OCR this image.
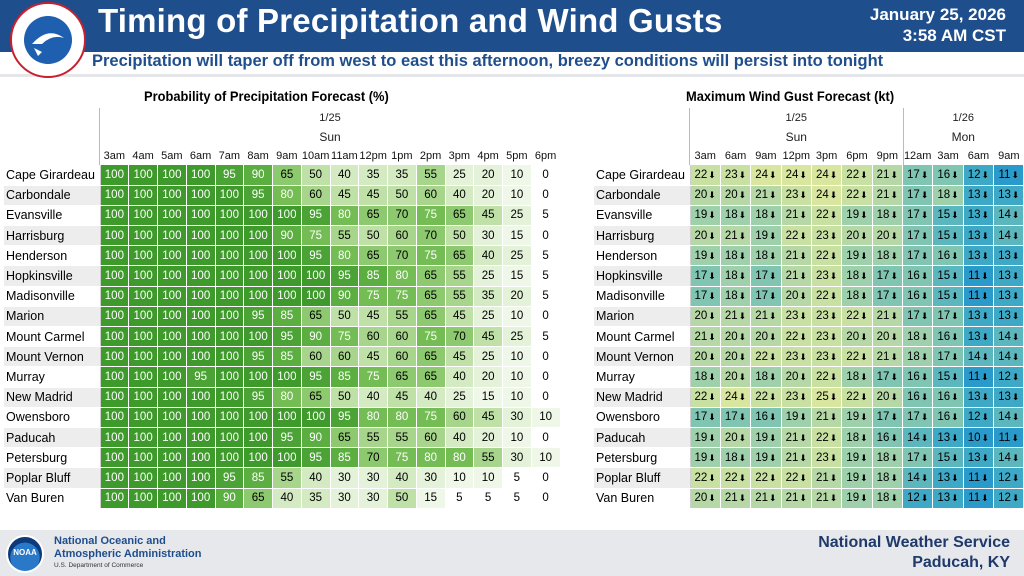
Timing of Precipitation and Wind Gusts	January 25, 2026
3:58 AM CST
Precipitation will taper off from west to east this afternoon, breezy conditions will persist into tonight
Probability of Precipitation Forecast (%)
1/25
Sun
3am 4am 5am 6am 7am 8am 9am 10am 11am 12pm 1pm 2pm 3pm 4pm 5pm 6pm
Cape Girardeau	100	100	100	100	95	90	65	50	40	35	35	55	25	20	10	0
Carbondale	100	100	100	100	100	95	80	60	45	45	50	60	40	20	10	0
Evansville	100	100	100	100	100	100	100	95	80	65	70	75	65	45	25	5
Harrisburg	100	100	100	100	100	100	90	75	55	50	60	70	50	30	15	0
Henderson	100	100	100	100	100	100	100	95	80	65	70	75	65	40	25	5
Hopkinsville	100	100	100	100	100	100	100	100	95	85	80	65	55	25	15	5
Madisonville	100	100	100	100	100	100	100	100	90	75	75	65	55	35	20	5
Marion	100	100	100	100	100	95	85	65	50	45	55	65	45	25	10	0
Mount Carmel	100	100	100	100	100	100	95	90	75	60	60	75	70	45	25	5
Mount Vernon	100	100	100	100	100	95	85	60	60	45	60	65	45	25	10	0
Murray	100	100	100	95	100	100	100	95	85	75	65	65	40	20	10	0
New Madrid	100	100	100	100	100	95	80	65	50	40	45	40	25	15	10	0
Owensboro	100	100	100	100	100	100	100	100	95	80	80	75	60	45	30	10
Paducah	100	100	100	100	100	100	95	90	65	55	55	60	40	20	10	0
Petersburg	100	100	100	100	100	100	100	95	85	70	75	80	80	55	30	10
Poplar Bluff	100	100	100	100	95	85	55	40	30	30	40	30	10	10	5	0
Van Buren	100	100	100	100	90	65	40	35	30	30	50	15	5	5	5	0
Maximum Wind Gust Forecast (kt)
1/25
Sun
1/26
Mon
3am 6am 9am 12pm 3pm 6pm 9pm 12am 3am 6am 9am
Cape Girardeau	22⬇	23⬇	24⬇	24⬇	24⬇	22⬇	21⬇	17⬇	16⬇	12⬇	11⬇
Carbondale	20⬇	20⬇	21⬇	23⬇	24⬇	22⬇	21⬇	17⬇	18⬇	13⬇	13⬇
Evansville	19⬇	18⬇	18⬇	21⬇	22⬇	19⬇	18⬇	17⬇	15⬇	13⬇	14⬇
Harrisburg	20⬇	21⬇	19⬇	22⬇	23⬇	20⬇	20⬇	17⬇	15⬇	13⬇	14⬇
Henderson	19⬇	18⬇	18⬇	21⬇	22⬇	19⬇	18⬇	17⬇	16⬇	13⬇	13⬇
Hopkinsville	17⬇	18⬇	17⬇	21⬇	23⬇	18⬇	17⬇	16⬇	15⬇	11⬇	13⬇
Madisonville	17⬇	18⬇	17⬇	20⬇	22⬇	18⬇	17⬇	16⬇	15⬇	11⬇	13⬇
Marion	20⬇	21⬇	21⬇	23⬇	23⬇	22⬇	21⬇	17⬇	17⬇	13⬇	13⬇
Mount Carmel	21⬇	20⬇	20⬇	22⬇	23⬇	20⬇	20⬇	18⬇	16⬇	13⬇	14⬇
Mount Vernon	20⬇	20⬇	22⬇	23⬇	23⬇	22⬇	21⬇	18⬇	17⬇	14⬇	14⬇
Murray	18⬇	20⬇	18⬇	20⬇	22⬇	18⬇	17⬇	16⬇	15⬇	11⬇	12⬇
New Madrid	22⬇	24⬇	22⬇	23⬇	25⬇	22⬇	20⬇	16⬇	16⬇	13⬇	13⬇
Owensboro	17⬇	17⬇	16⬇	19⬇	21⬇	19⬇	17⬇	17⬇	16⬇	12⬇	14⬇
Paducah	19⬇	20⬇	19⬇	21⬇	22⬇	18⬇	16⬇	14⬇	13⬇	10⬇	11⬇
Petersburg	19⬇	18⬇	19⬇	21⬇	23⬇	19⬇	18⬇	17⬇	15⬇	13⬇	14⬇
Poplar Bluff	22⬇	22⬇	22⬇	22⬇	21⬇	19⬇	18⬇	14⬇	13⬇	11⬇	12⬇
Van Buren	20⬇	21⬇	21⬇	21⬇	21⬇	19⬇	18⬇	12⬇	13⬇	11⬇	12⬇
NOAA
National Oceanic and
Atmospheric Administration
U.S. Department of Commerce
National Weather Service
Paducah, KY
